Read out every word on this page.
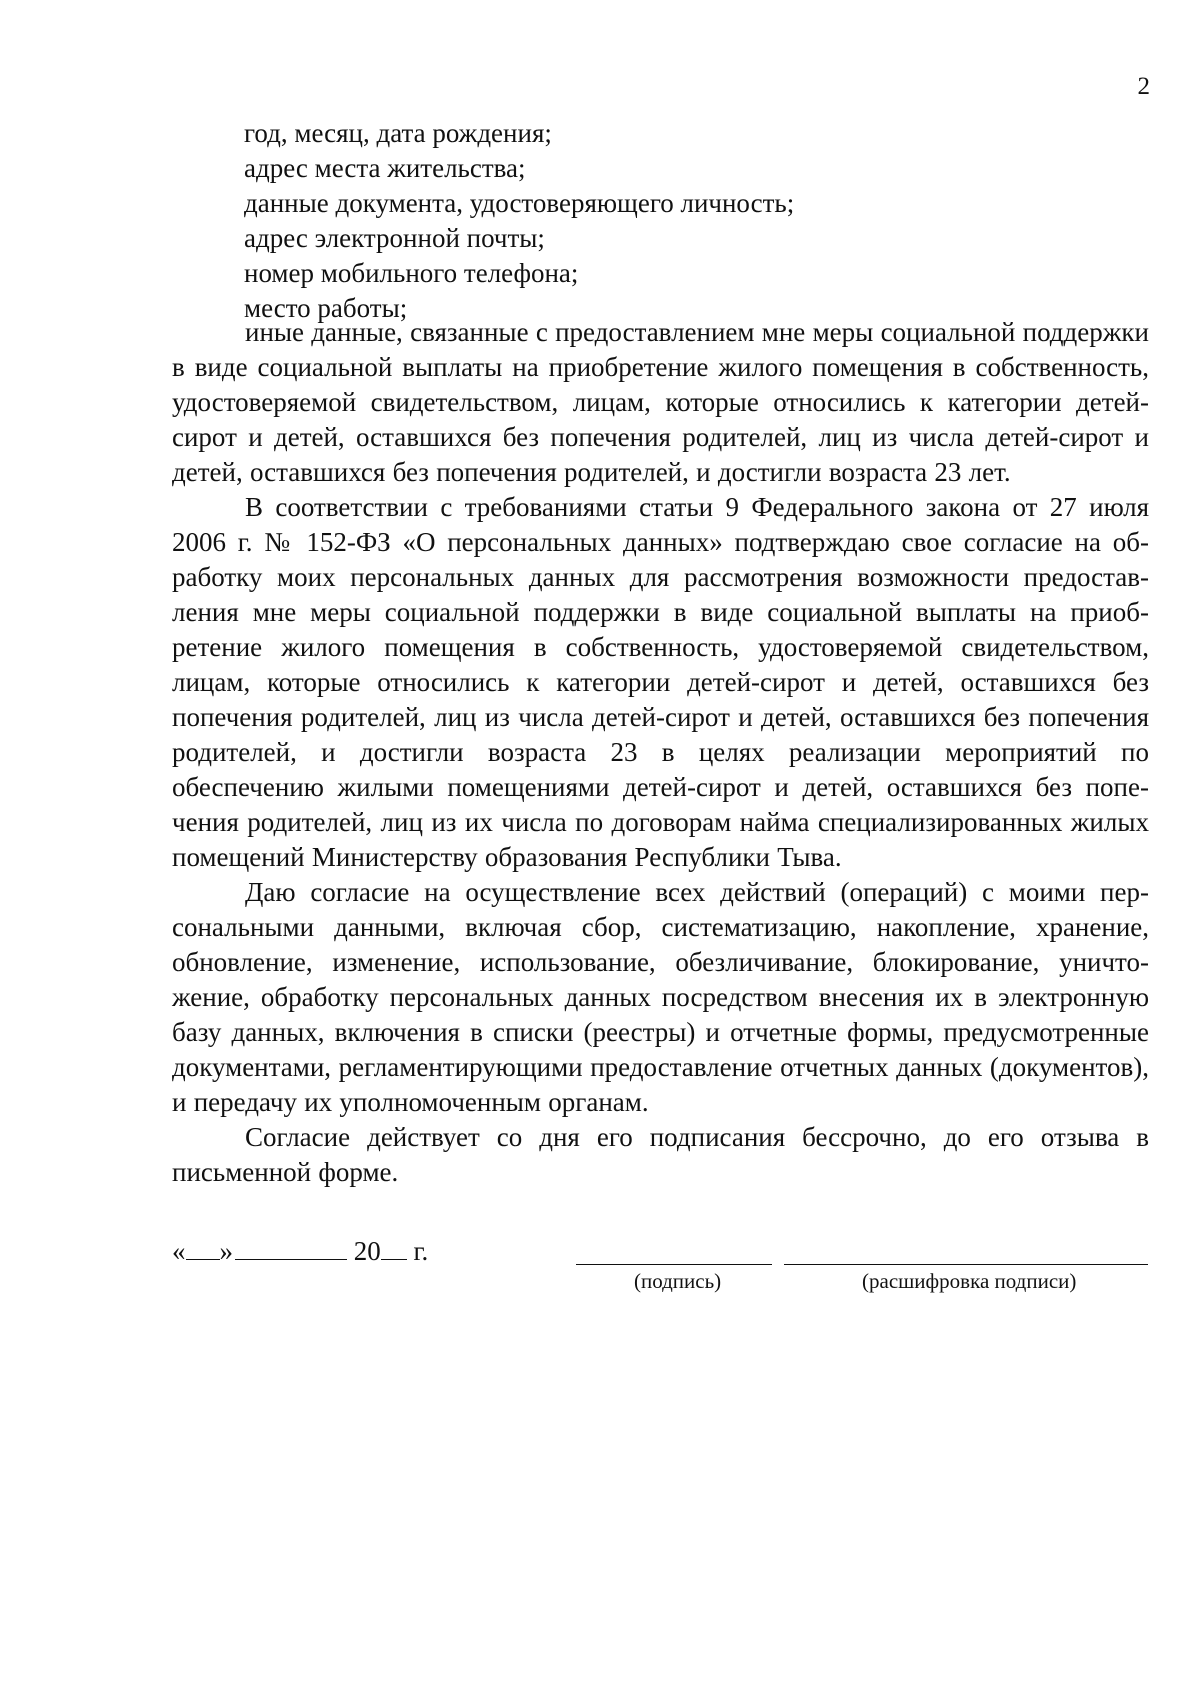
2
год, месяц, дата рождения;
адрес места жительства;
данные документа, удостоверяющего личность;
адрес электронной почты;
номер мобильного телефона;
место работы;

иные данные, связанные с предоставлением мне меры социальной поддержки в виде социальной выплаты на приобретение жилого помещения в собственность, удостоверяемой свидетельством, лицам, которые относились к категории детей-сирот и детей, оставшихся без попечения родителей, лиц из числа детей-сирот и детей, оставшихся без попечения родителей, и достигли возраста 23 лет.

В соответствии с требованиями статьи 9 Федерального закона от 27 июля 2006 г. № 152-ФЗ «О персональных данных» подтверждаю свое согласие на обработку моих персональных данных для рассмотрения возможности предоставления мне меры социальной поддержки в виде социальной выплаты на приобретение жилого помещения в собственность, удостоверяемой свидетельством, лицам, которые относились к категории детей-сирот и детей, оставшихся без попечения родителей, лиц из числа детей-сирот и детей, оставшихся без попечения родителей, и достигли возраста 23 в целях реализации мероприятий по обеспечению жилыми помещениями детей-сирот и детей, оставшихся без попечения родителей, лиц из их числа по договорам найма специализированных жилых помещений Министерству образования Республики Тыва.

Даю согласие на осуществление всех действий (операций) с моими персональными данными, включая сбор, систематизацию, накопление, хранение, обновление, изменение, использование, обезличивание, блокирование, уничтожение, обработку персональных данных посредством внесения их в электронную базу данных, включения в списки (реестры) и отчетные формы, предусмотренные документами, регламентирующими предоставление отчетных данных (документов), и передачу их уполномоченным органам.

Согласие действует со дня его подписания бессрочно, до его отзыва в письменной форме.

« »	20 г.
(подпись)	(расшифровка подписи)
